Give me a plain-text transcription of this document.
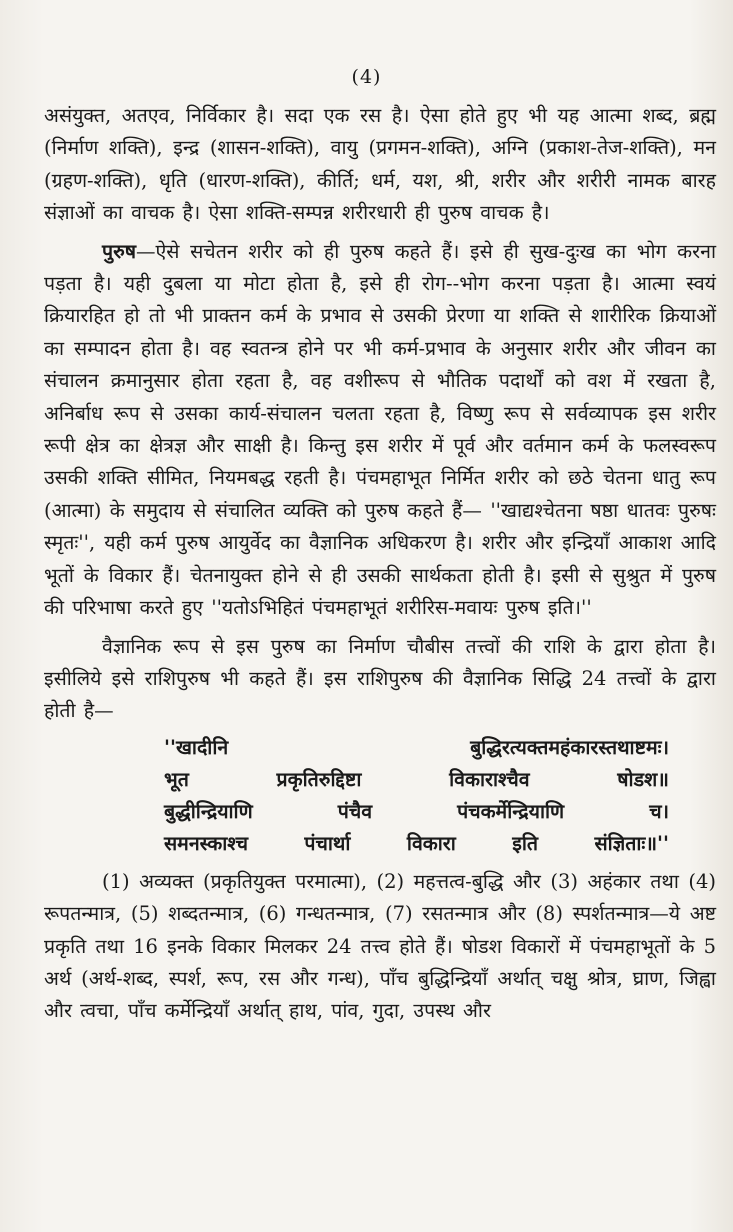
(4)

असंयुक्त, अतएव, निर्विकार है। सदा एक रस है। ऐसा होते हुए भी यह आत्मा शब्द, ब्रह्म (निर्माण शक्ति), इन्द्र (शासन-शक्ति), वायु (प्रगमन-शक्ति), अग्नि (प्रकाश-तेज-शक्ति), मन (ग्रहण-शक्ति), धृति (धारण-शक्ति), कीर्ति; धर्म, यश, श्री, शरीर और शरीरी नामक बारह संज्ञाओं का वाचक है। ऐसा शक्ति-सम्पन्न शरीरधारी ही पुरुष वाचक है।

पुरुष—ऐसे सचेतन शरीर को ही पुरुष कहते हैं। इसे ही सुख-दुःख का भोग करना पड़ता है। यही दुबला या मोटा होता है, इसे ही रोग--भोग करना पड़ता है। आत्मा स्वयं क्रियारहित हो तो भी प्राक्तन कर्म के प्रभाव से उसकी प्रेरणा या शक्ति से शारीरिक क्रियाओं का सम्पादन होता है। वह स्वतन्त्र होने पर भी कर्म-प्रभाव के अनुसार शरीर और जीवन का संचालन क्रमानुसार होता रहता है, वह वशीरूप से भौतिक पदार्थों को वश में रखता है, अनिर्बाध रूप से उसका कार्य-संचालन चलता रहता है, विष्णु रूप से सर्वव्यापक इस शरीर रूपी क्षेत्र का क्षेत्रज्ञ और साक्षी है। किन्तु इस शरीर में पूर्व और वर्तमान कर्म के फलस्वरूप उसकी शक्ति सीमित, नियमबद्ध रहती है। पंचमहाभूत निर्मित शरीर को छठे चेतना धातु रूप (आत्मा) के समुदाय से संचालित व्यक्ति को पुरुष कहते हैं— ''खाद्यश्चेतना षष्ठा धातवः पुरुषः स्मृतः'', यही कर्म पुरुष आयुर्वेद का वैज्ञानिक अधिकरण है। शरीर और इन्द्रियाँ आकाश आदि भूतों के विकार हैं। चेतनायुक्त होने से ही उसकी सार्थकता होती है। इसी से सुश्रुत में पुरुष की परिभाषा करते हुए ''यतोऽभिहितं पंचमहाभूतं शरीरिस-मवायः पुरुष इति।''

वैज्ञानिक रूप से इस पुरुष का निर्माण चौबीस तत्त्वों की राशि के द्वारा होता है। इसीलिये इसे राशिपुरुष भी कहते हैं। इस राशिपुरुष की वैज्ञानिक सिद्धि 24 तत्त्वों के द्वारा होती है—

''खादीनि	बुद्धिरत्यक्तमहंकारस्तथाष्टमः।
भूत	प्रकृतिरुद्दिष्टा	विकाराश्चैव	षोडश॥
बुद्धीन्द्रियाणि	पंचैव	पंचकर्मेन्द्रियाणि	च।
समनस्काश्च	पंचार्था	विकारा	इति	संज्ञिताः॥''

(1) अव्यक्त (प्रकृतियुक्त परमात्मा), (2) महत्तत्व-बुद्धि और (3) अहंकार तथा (4) रूपतन्मात्र, (5) शब्दतन्मात्र, (6) गन्धतन्मात्र, (7) रसतन्मात्र और (8) स्पर्शतन्मात्र—ये अष्ट प्रकृति तथा 16 इनके विकार मिलकर 24 तत्त्व होते हैं। षोडश विकारों में पंचमहाभूतों के 5 अर्थ (अर्थ-शब्द, स्पर्श, रूप, रस और गन्ध), पाँच बुद्धिन्द्रियाँ अर्थात् चक्षु श्रोत्र, घ्राण, जिह्वा और त्वचा, पाँच कर्मेन्द्रियाँ अर्थात् हाथ, पांव, गुदा, उपस्थ और
